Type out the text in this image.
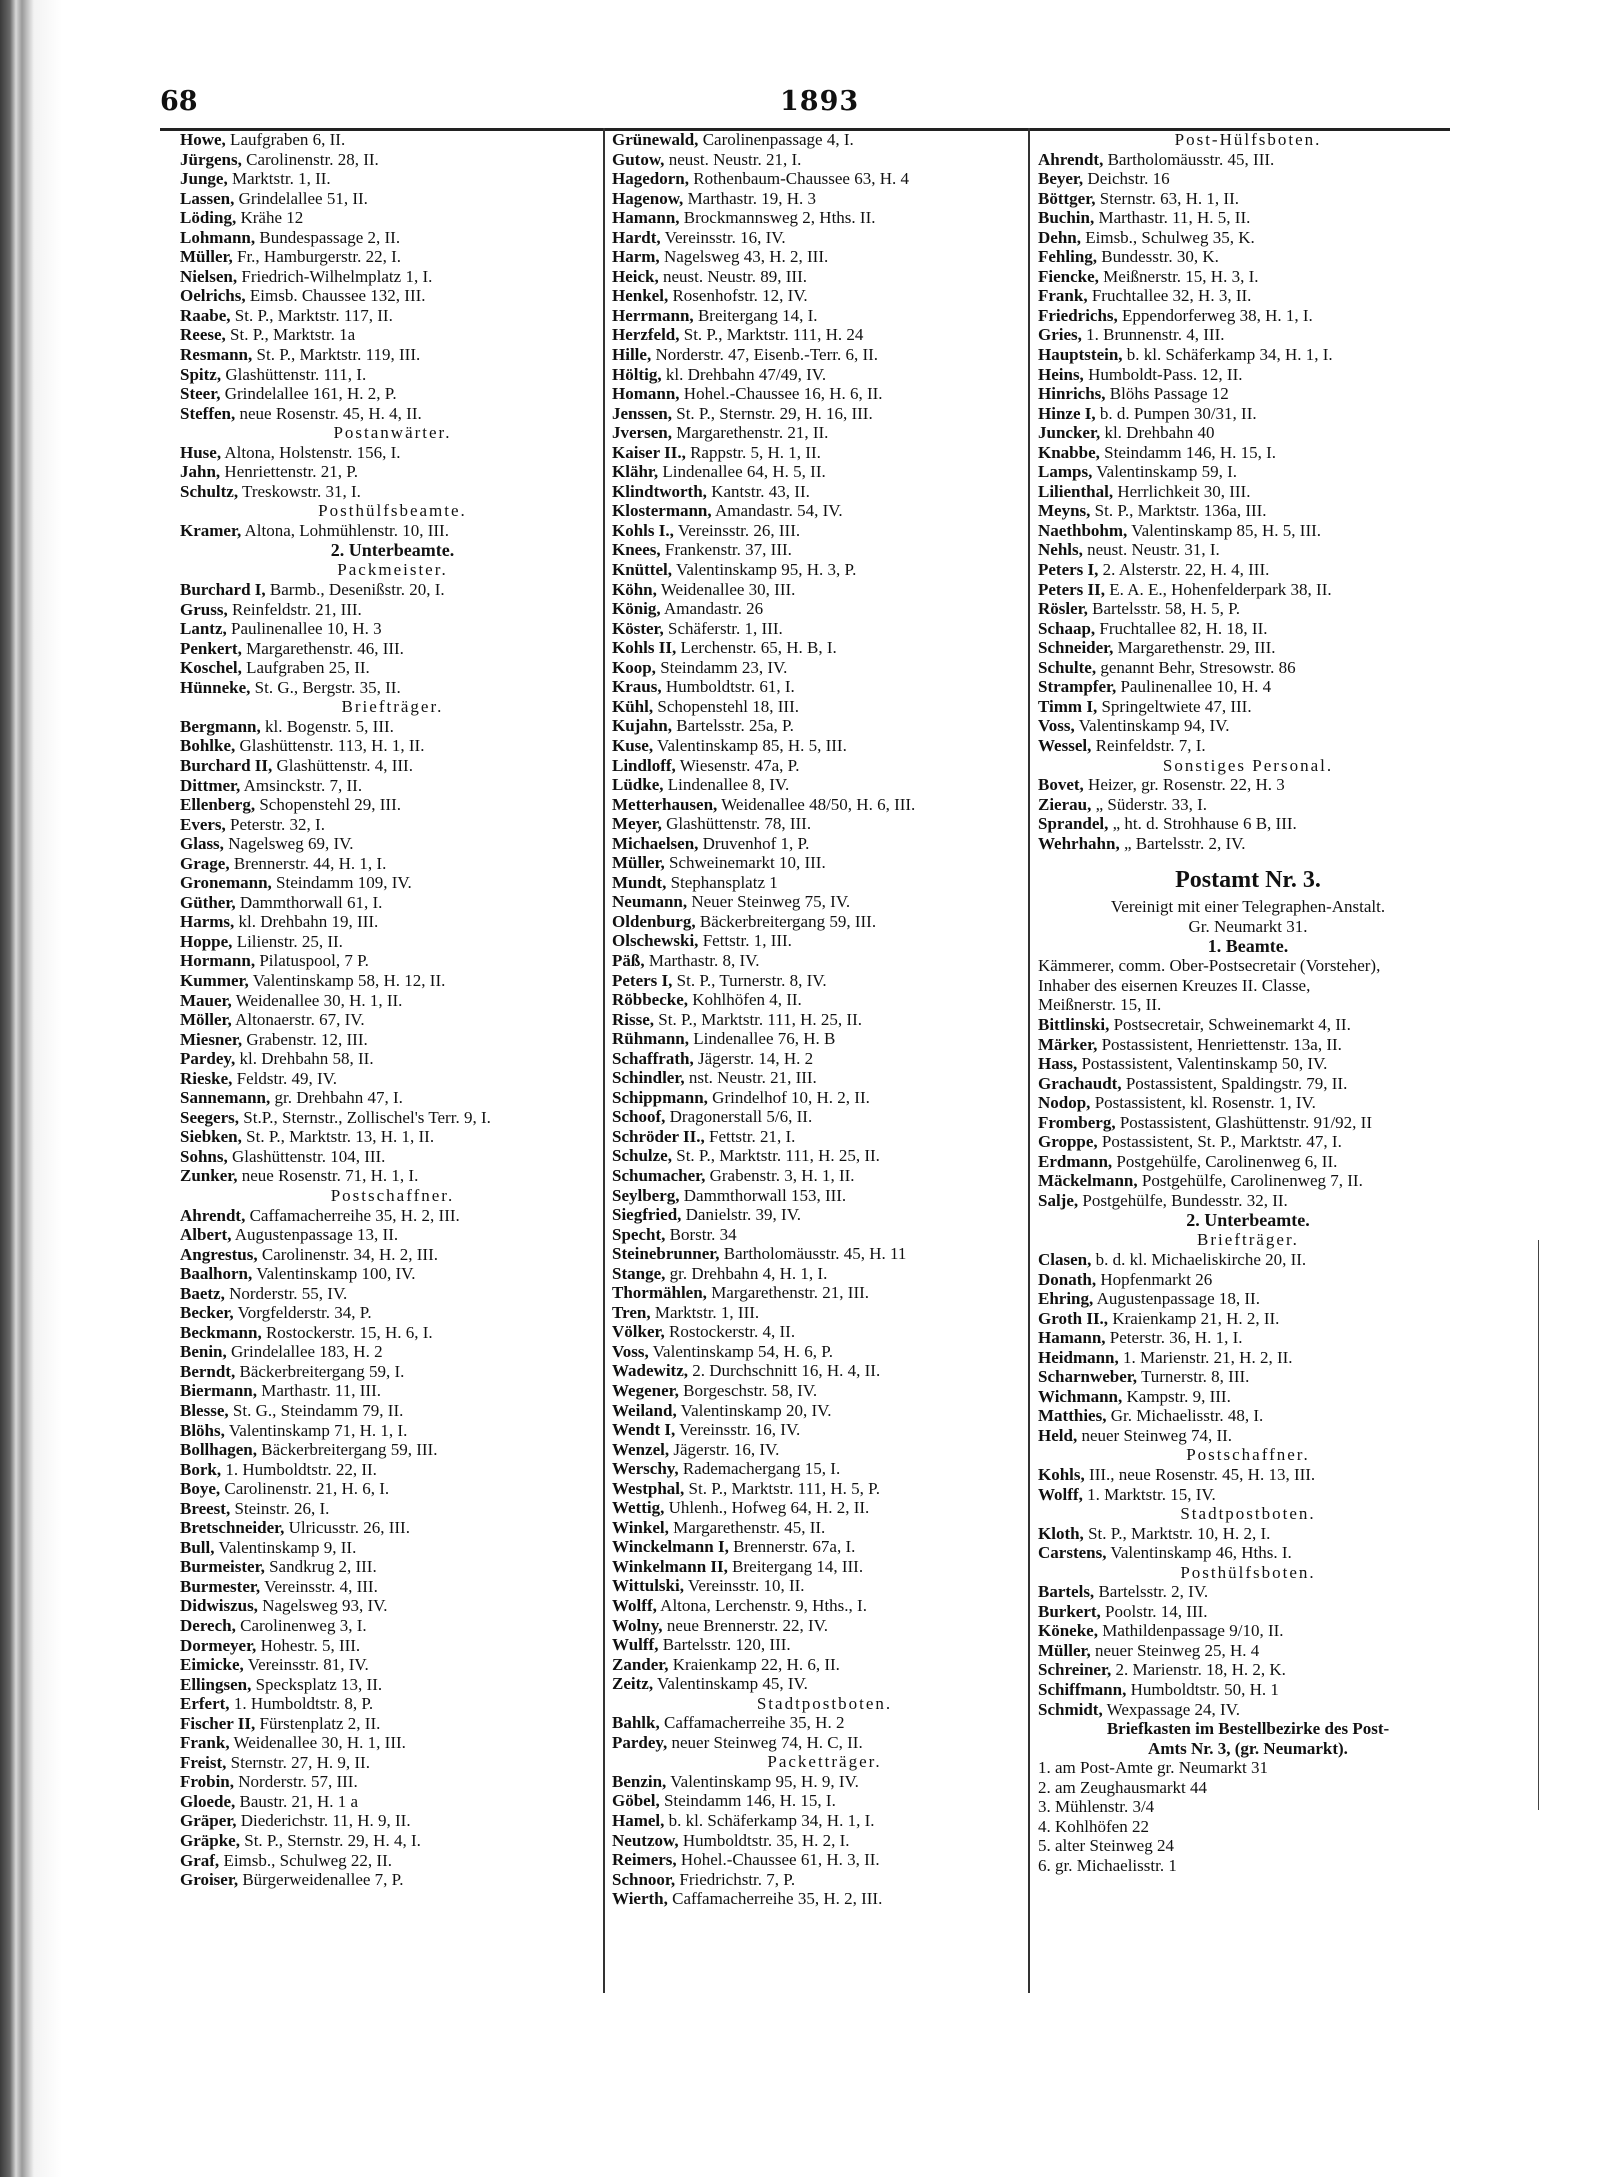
68	1893
Howe, Laufgraben 6, II.
Jürgens, Carolinenstr. 28, II.
Junge, Marktstr. 1, II.
Lassen, Grindelallee 51, II.
Löding, Krähe 12
Lohmann, Bundespassage 2, II.
Müller, Fr., Hamburgerstr. 22, I.
Nielsen, Friedrich-Wilhelmplatz 1, I.
Oelrichs, Eimsb. Chaussee 132, III.
Raabe, St. P., Marktstr. 117, II.
Reese, St. P., Marktstr. 1a
Resmann, St. P., Marktstr. 119, III.
Spitz, Glashüttenstr. 111, I.
Steer, Grindelallee 161, H. 2, P.
Steffen, neue Rosenstr. 45, H. 4, II.
Postanwärter.
Huse, Altona, Holstenstr. 156, I.
Jahn, Henriettenstr. 21, P.
Schultz, Treskowstr. 31, I.
Posthülfsbeamte.
Kramer, Altona, Lohmühlenstr. 10, III.
2. Unterbeamte.
Packmeister.
Burchard I, Barmb., Desenißstr. 20, I.
Gruss, Reinfeldstr. 21, III.
Lantz, Paulinenallee 10, H. 3
Penkert, Margarethenstr. 46, III.
Koschel, Laufgraben 25, II.
Hünneke, St. G., Bergstr. 35, II.
Briefträger.
Bergmann, kl. Bogenstr. 5, III.
Bohlke, Glashüttenstr. 113, H. 1, II.
Burchard II, Glashüttenstr. 4, III.
Dittmer, Amsinckstr. 7, II.
Ellenberg, Schopenstehl 29, III.
Evers, Peterstr. 32, I.
Glass, Nagelsweg 69, IV.
Grage, Brennerstr. 44, H. 1, I.
Gronemann, Steindamm 109, IV.
Güther, Dammthorwall 61, I.
Harms, kl. Drehbahn 19, III.
Hoppe, Lilienstr. 25, II.
Hormann, Pilatuspool, 7 P.
Kummer, Valentinskamp 58, H. 12, II.
Mauer, Weidenallee 30, H. 1, II.
Möller, Altonaerstr. 67, IV.
Miesner, Grabenstr. 12, III.
Pardey, kl. Drehbahn 58, II.
Rieske, Feldstr. 49, IV.
Sannemann, gr. Drehbahn 47, I.
Seegers, St.P., Sternstr., Zollischel's Terr. 9, I.
Siebken, St. P., Marktstr. 13, H. 1, II.
Sohns, Glashüttenstr. 104, III.
Zunker, neue Rosenstr. 71, H. 1, I.
Postschaffner.
Ahrendt, Caffamacherreihe 35, H. 2, III.
Albert, Augustenpassage 13, II.
Angrestus, Carolinenstr. 34, H. 2, III.
Baalhorn, Valentinskamp 100, IV.
Baetz, Norderstr. 55, IV.
Becker, Vorgfelderstr. 34, P.
Beckmann, Rostockerstr. 15, H. 6, I.
Benin, Grindelallee 183, H. 2
Berndt, Bäckerbreitergang 59, I.
Biermann, Marthastr. 11, III.
Blesse, St. G., Steindamm 79, II.
Blöhs, Valentinskamp 71, H. 1, I.
Bollhagen, Bäckerbreitergang 59, III.
Bork, 1. Humboldtstr. 22, II.
Boye, Carolinenstr. 21, H. 6, I.
Breest, Steinstr. 26, I.
Bretschneider, Ulricusstr. 26, III.
Bull, Valentinskamp 9, II.
Burmeister, Sandkrug 2, III.
Burmester, Vereinsstr. 4, III.
Didwiszus, Nagelsweg 93, IV.
Derech, Carolinenweg 3, I.
Dormeyer, Hohestr. 5, III.
Eimicke, Vereinsstr. 81, IV.
Ellingsen, Specksplatz 13, II.
Erfert, 1. Humboldtstr. 8, P.
Fischer II, Fürstenplatz 2, II.
Frank, Weidenallee 30, H. 1, III.
Freist, Sternstr. 27, H. 9, II.
Frobin, Norderstr. 57, III.
Gloede, Baustr. 21, H. 1 a
Gräper, Diederichstr. 11, H. 9, II.
Gräpke, St. P., Sternstr. 29, H. 4, I.
Graf, Eimsb., Schulweg 22, II.
Groiser, Bürgerweidenallee 7, P.
Grünewald, Carolinenpassage 4, I.
Gutow, neust. Neustr. 21, I.
Hagedorn, Rothenbaum-Chaussee 63, H. 4
Hagenow, Marthastr. 19, H. 3
Hamann, Brockmannsweg 2, Hths. II.
Hardt, Vereinsstr. 16, IV.
Harm, Nagelsweg 43, H. 2, III.
Heick, neust. Neustr. 89, III.
Henkel, Rosenhofstr. 12, IV.
Herrmann, Breitergang 14, I.
Herzfeld, St. P., Marktstr. 111, H. 24
Hille, Norderstr. 47, Eisenb.-Terr. 6, II.
Höltig, kl. Drehbahn 47/49, IV.
Homann, Hohel.-Chaussee 16, H. 6, II.
Jenssen, St. P., Sternstr. 29, H. 16, III.
Jversen, Margarethenstr. 21, II.
Kaiser II., Rappstr. 5, H. 1, II.
Klähr, Lindenallee 64, H. 5, II.
Klindtworth, Kantstr. 43, II.
Klostermann, Amandastr. 54, IV.
Kohls I., Vereinsstr. 26, III.
Knees, Frankenstr. 37, III.
Knüttel, Valentinskamp 95, H. 3, P.
Köhn, Weidenallee 30, III.
König, Amandastr. 26
Köster, Schäferstr. 1, III.
Kohls II, Lerchenstr. 65, H. B, I.
Koop, Steindamm 23, IV.
Kraus, Humboldtstr. 61, I.
Kühl, Schopenstehl 18, III.
Kujahn, Bartelsstr. 25a, P.
Kuse, Valentinskamp 85, H. 5, III.
Lindloff, Wiesenstr. 47a, P.
Lüdke, Lindenallee 8, IV.
Metterhausen, Weidenallee 48/50, H. 6, III.
Meyer, Glashüttenstr. 78, III.
Michaelsen, Druvenhof 1, P.
Müller, Schweinemarkt 10, III.
Mundt, Stephansplatz 1
Neumann, Neuer Steinweg 75, IV.
Oldenburg, Bäckerbreitergang 59, III.
Olschewski, Fettstr. 1, III.
Päß, Marthastr. 8, IV.
Peters I, St. P., Turnerstr. 8, IV.
Röbbecke, Kohlhöfen 4, II.
Risse, St. P., Marktstr. 111, H. 25, II.
Rühmann, Lindenallee 76, H. B
Schaffrath, Jägerstr. 14, H. 2
Schindler, nst. Neustr. 21, III.
Schippmann, Grindelhof 10, H. 2, II.
Schoof, Dragonerstall 5/6, II.
Schröder II., Fettstr. 21, I.
Schulze, St. P., Marktstr. 111, H. 25, II.
Schumacher, Grabenstr. 3, H. 1, II.
Seylberg, Dammthorwall 153, III.
Siegfried, Danielstr. 39, IV.
Specht, Borstr. 34
Steinebrunner, Bartholomäusstr. 45, H. 11
Stange, gr. Drehbahn 4, H. 1, I.
Thormählen, Margarethenstr. 21, III.
Tren, Marktstr. 1, III.
Völker, Rostockerstr. 4, II.
Voss, Valentinskamp 54, H. 6, P.
Wadewitz, 2. Durchschnitt 16, H. 4, II.
Wegener, Borgeschstr. 58, IV.
Weiland, Valentinskamp 20, IV.
Wendt I, Vereinsstr. 16, IV.
Wenzel, Jägerstr. 16, IV.
Werschy, Rademachergang 15, I.
Westphal, St. P., Marktstr. 111, H. 5, P.
Wettig, Uhlenh., Hofweg 64, H. 2, II.
Winkel, Margarethenstr. 45, II.
Winckelmann I, Brennerstr. 67a, I.
Winkelmann II, Breitergang 14, III.
Wittulski, Vereinsstr. 10, II.
Wolff, Altona, Lerchenstr. 9, Hths., I.
Wolny, neue Brennerstr. 22, IV.
Wulff, Bartelsstr. 120, III.
Zander, Kraienkamp 22, H. 6, II.
Zeitz, Valentinskamp 45, IV.
Stadtpostboten.
Bahlk, Caffamacherreihe 35, H. 2
Pardey, neuer Steinweg 74, H. C, II.
Packetträger.
Benzin, Valentinskamp 95, H. 9, IV.
Göbel, Steindamm 146, H. 15, I.
Hamel, b. kl. Schäferkamp 34, H. 1, I.
Neutzow, Humboldtstr. 35, H. 2, I.
Reimers, Hohel.-Chaussee 61, H. 3, II.
Schnoor, Friedrichstr. 7, P.
Wierth, Caffamacherreihe 35, H. 2, III.
Post-Hülfsboten.
Ahrendt, Bartholomäusstr. 45, III.
Beyer, Deichstr. 16
Böttger, Sternstr. 63, H. 1, II.
Buchin, Marthastr. 11, H. 5, II.
Dehn, Eimsb., Schulweg 35, K.
Fehling, Bundesstr. 30, K.
Fiencke, Meißnerstr. 15, H. 3, I.
Frank, Fruchtallee 32, H. 3, II.
Friedrichs, Eppendorferweg 38, H. 1, I.
Gries, 1. Brunnenstr. 4, III.
Hauptstein, b. kl. Schäferkamp 34, H. 1, I.
Heins, Humboldt-Pass. 12, II.
Hinrichs, Blöhs Passage 12
Hinze I, b. d. Pumpen 30/31, II.
Juncker, kl. Drehbahn 40
Knabbe, Steindamm 146, H. 15, I.
Lamps, Valentinskamp 59, I.
Lilienthal, Herrlichkeit 30, III.
Meyns, St. P., Marktstr. 136a, III.
Naethbohm, Valentinskamp 85, H. 5, III.
Nehls, neust. Neustr. 31, I.
Peters I, 2. Alsterstr. 22, H. 4, III.
Peters II, E. A. E., Hohenfelderpark 38, II.
Rösler, Bartelsstr. 58, H. 5, P.
Schaap, Fruchtallee 82, H. 18, II.
Schneider, Margarethenstr. 29, III.
Schulte, genannt Behr, Stresowstr. 86
Strampfer, Paulinenallee 10, H. 4
Timm I, Springeltwiete 47, III.
Voss, Valentinskamp 94, IV.
Wessel, Reinfeldstr. 7, I.
Sonstiges Personal.
Bovet, Heizer, gr. Rosenstr. 22, H. 3
Zierau, „ Süderstr. 33, I.
Sprandel, „ ht. d. Strohhause 6 B, III.
Wehrhahn, „ Bartelsstr. 2, IV.
Postamt Nr. 3.
Vereinigt mit einer Telegraphen-Anstalt.
Gr. Neumarkt 31.
1. Beamte.
Kämmerer, comm. Ober-Postsecretair (Vorsteher),
Inhaber des eisernen Kreuzes II. Classe,
Meißnerstr. 15, II.
Bittlinski, Postsecretair, Schweinemarkt 4, II.
Märker, Postassistent, Henriettenstr. 13a, II.
Hass, Postassistent, Valentinskamp 50, IV.
Grachaudt, Postassistent, Spaldingstr. 79, II.
Nodop, Postassistent, kl. Rosenstr. 1, IV.
Fromberg, Postassistent, Glashüttenstr. 91/92, II
Groppe, Postassistent, St. P., Marktstr. 47, I.
Erdmann, Postgehülfe, Carolinenweg 6, II.
Mäckelmann, Postgehülfe, Carolinenweg 7, II.
Salje, Postgehülfe, Bundesstr. 32, II.
2. Unterbeamte.
Briefträger.
Clasen, b. d. kl. Michaeliskirche 20, II.
Donath, Hopfenmarkt 26
Ehring, Augustenpassage 18, II.
Groth II., Kraienkamp 21, H. 2, II.
Hamann, Peterstr. 36, H. 1, I.
Heidmann, 1. Marienstr. 21, H. 2, II.
Scharnweber, Turnerstr. 8, III.
Wichmann, Kampstr. 9, III.
Matthies, Gr. Michaelisstr. 48, I.
Held, neuer Steinweg 74, II.
Postschaffner.
Kohls, III., neue Rosenstr. 45, H. 13, III.
Wolff, 1. Marktstr. 15, IV.
Stadtpostboten.
Kloth, St. P., Marktstr. 10, H. 2, I.
Carstens, Valentinskamp 46, Hths. I.
Posthülfsboten.
Bartels, Bartelsstr. 2, IV.
Burkert, Poolstr. 14, III.
Köneke, Mathildenpassage 9/10, II.
Müller, neuer Steinweg 25, H. 4
Schreiner, 2. Marienstr. 18, H. 2, K.
Schiffmann, Humboldtstr. 50, H. 1
Schmidt, Wexpassage 24, IV.
Briefkasten im Bestellbezirke des Post-
Amts Nr. 3, (gr. Neumarkt).
1. am Post-Amte gr. Neumarkt 31
2. am Zeughausmarkt 44
3. Mühlenstr. 3/4
4. Kohlhöfen 22
5. alter Steinweg 24
6. gr. Michaelisstr. 1
